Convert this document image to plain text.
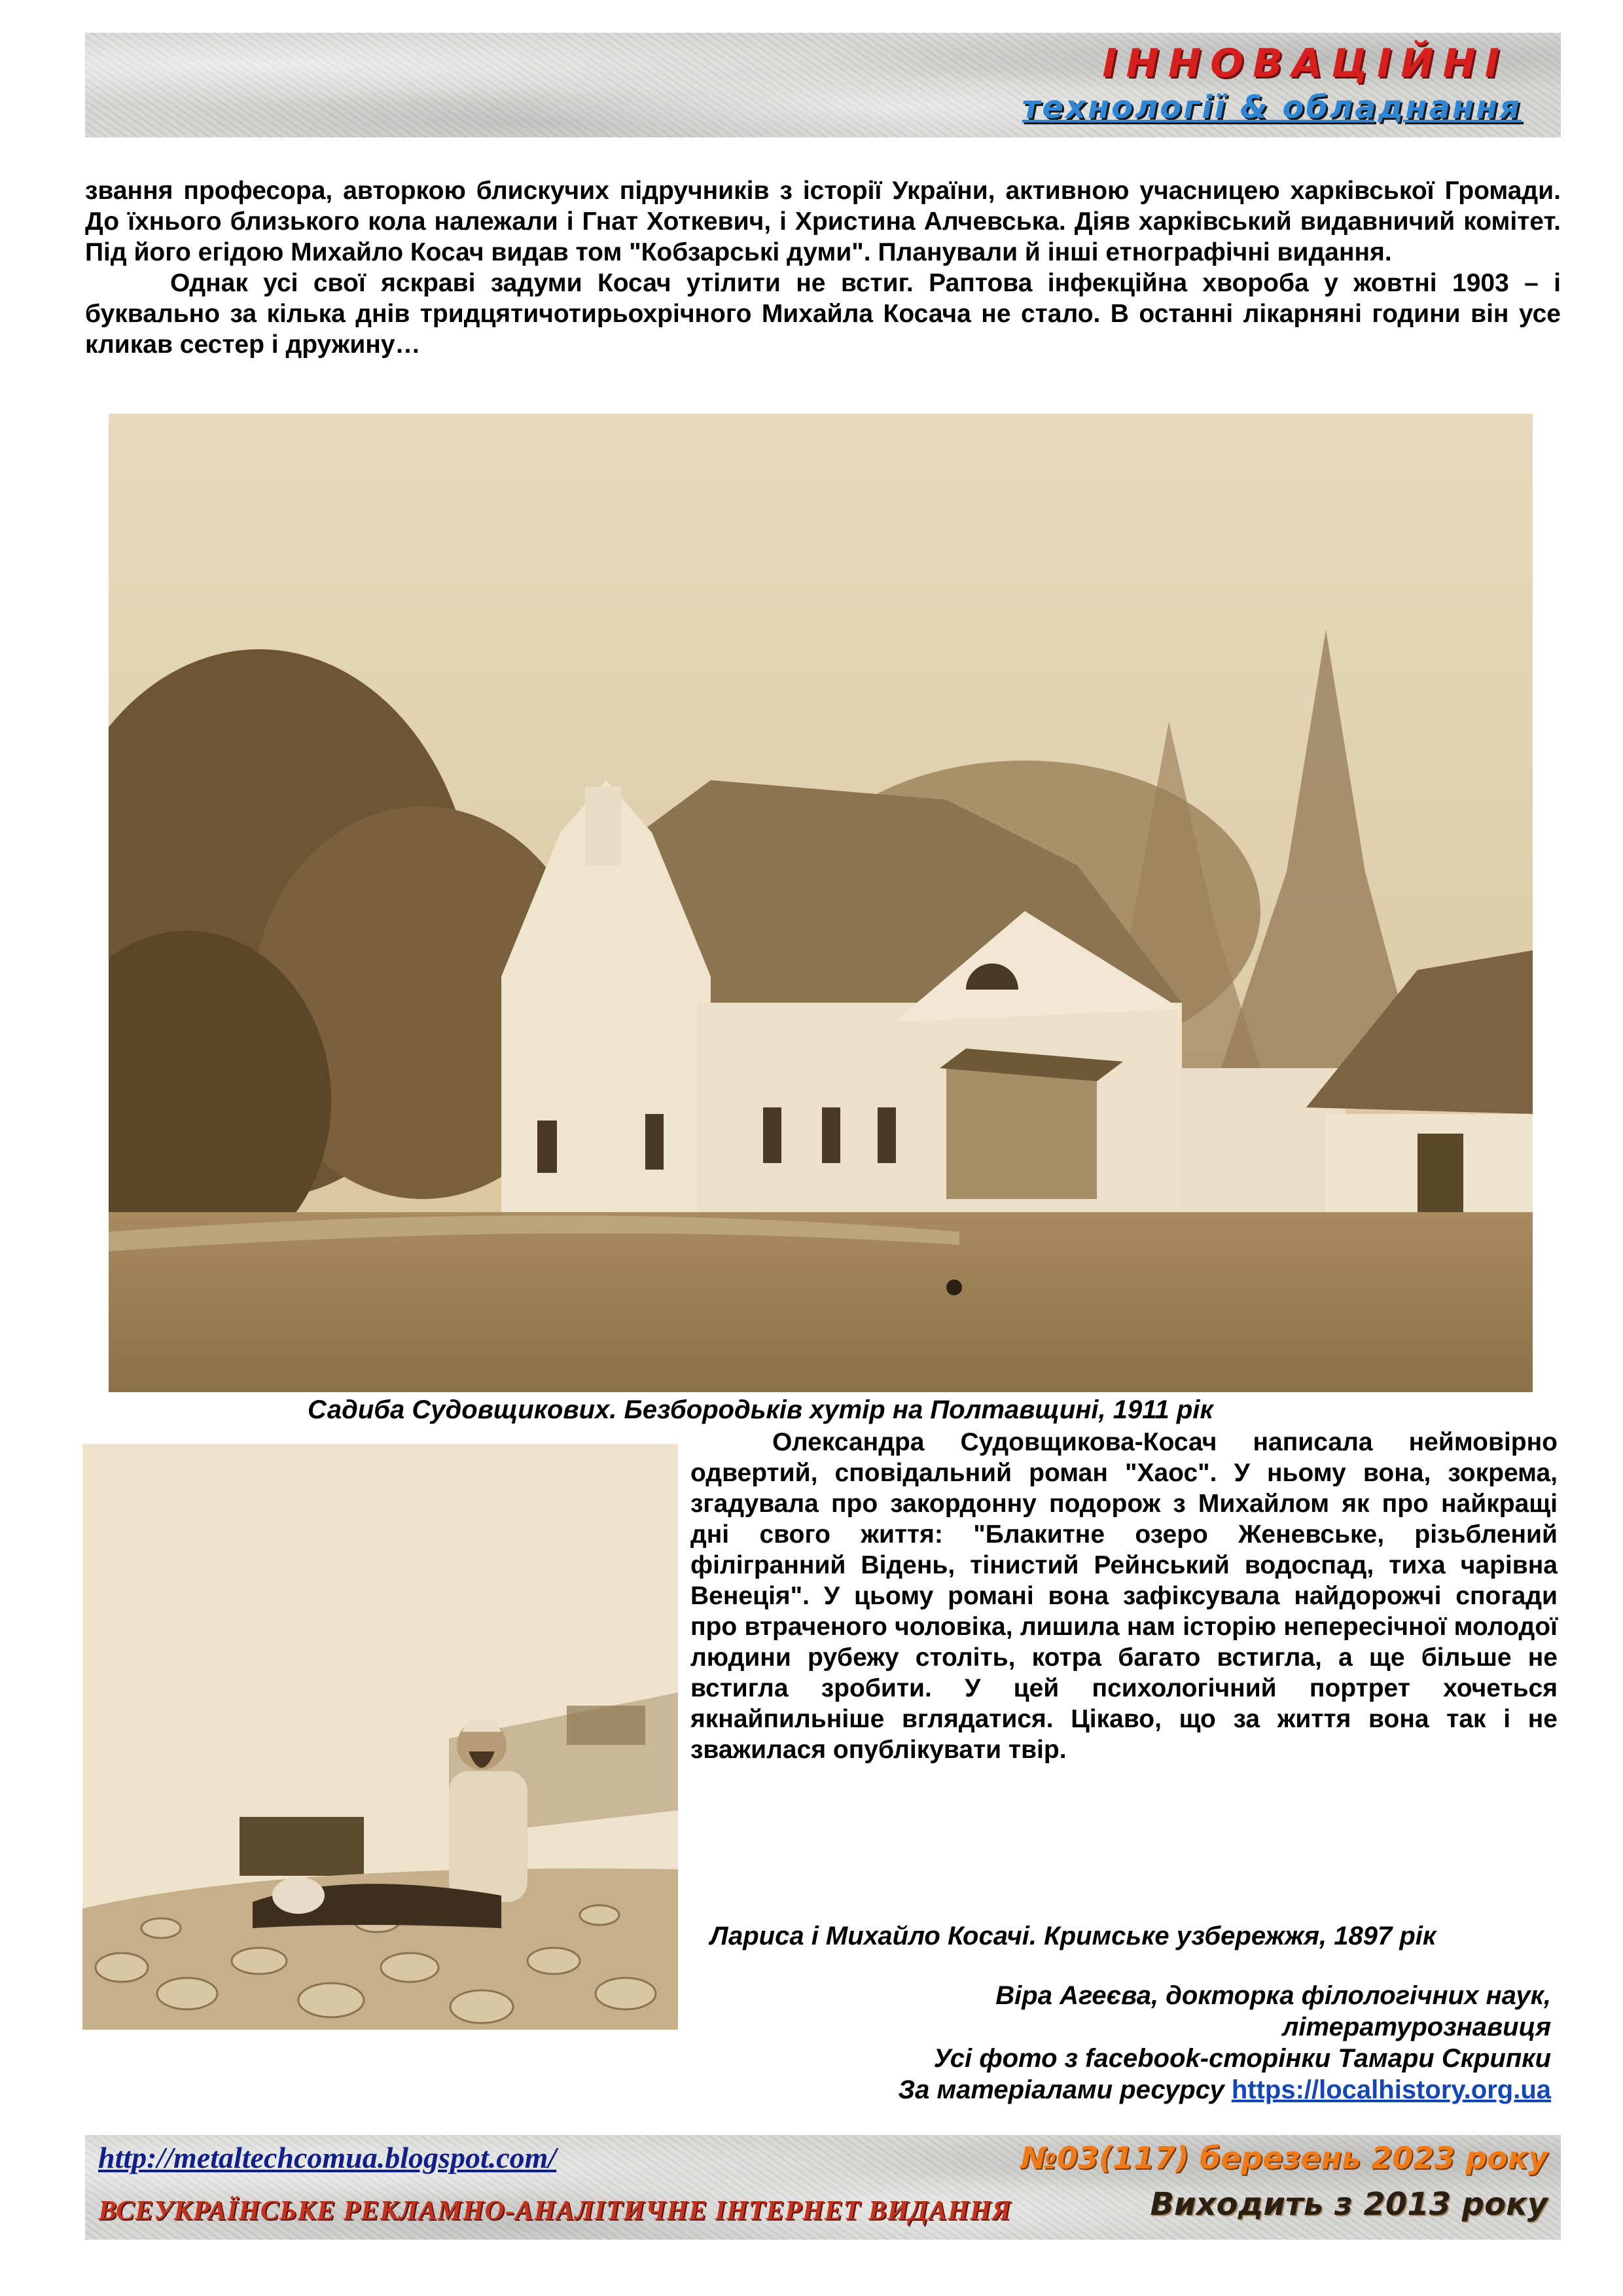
ІННОВАЦІЙНІ
технології & обладнання

звання професора, авторкою блискучих підручників з історії України, активною учасницею харківської Громади. До їхнього близького кола належали і Гнат Хоткевич, і Христина Алчевська. Діяв харківський видавничий комітет. Під його егідою Михайло Косач видав том "Кобзарські думи". Планували й інші етнографічні видання.

Однак усі свої яскраві задуми Косач утілити не встиг. Раптова інфекційна хвороба у жовтні 1903 – і буквально за кілька днів тридцятичотирьохрічного Михайла Косача не стало. В останні лікарняні години він усе кликав сестер і дружину…

Садиба Судовщикових. Безбородьків хутір на Полтавщині, 1911 рік

Олександра Судовщикова-Косач написала неймовірно одвертий, сповідальний роман "Хаос". У ньому вона, зокрема, згадувала про закордонну подорож з Михайлом як про найкращі дні свого життя: "Блакитне озеро Женевське, різьблений філігранний Відень, тінистий Рейнський водоспад, тиха чарівна Венеція". У цьому романі вона зафіксувала найдорожчі спогади про втраченого чоловіка, лишила нам історію непересічної молодої людини рубежу століть, котра багато встигла, а ще більше не встигла зробити. У цей психологічний портрет хочеться якнайпильніше вглядатися. Цікаво, що за життя вона так і не зважилася опублікувати твір.

Лариса і Михайло Косачі. Кримське узбережжя, 1897 рік
Віра Агеєва, докторка філологічних наук,
літературознавиця
Усі фото з facebook-сторінки Тамари Скрипки
За матеріалами ресурсу https://localhistory.org.ua
http://metaltechcomua.blogspot.com/
ВСЕУКРАЇНСЬКЕ РЕКЛАМНО-АНАЛІТИЧНЕ ІНТЕРНЕТ ВИДАННЯ
№03(117) березень 2023 року
Виходить з 2013 року
